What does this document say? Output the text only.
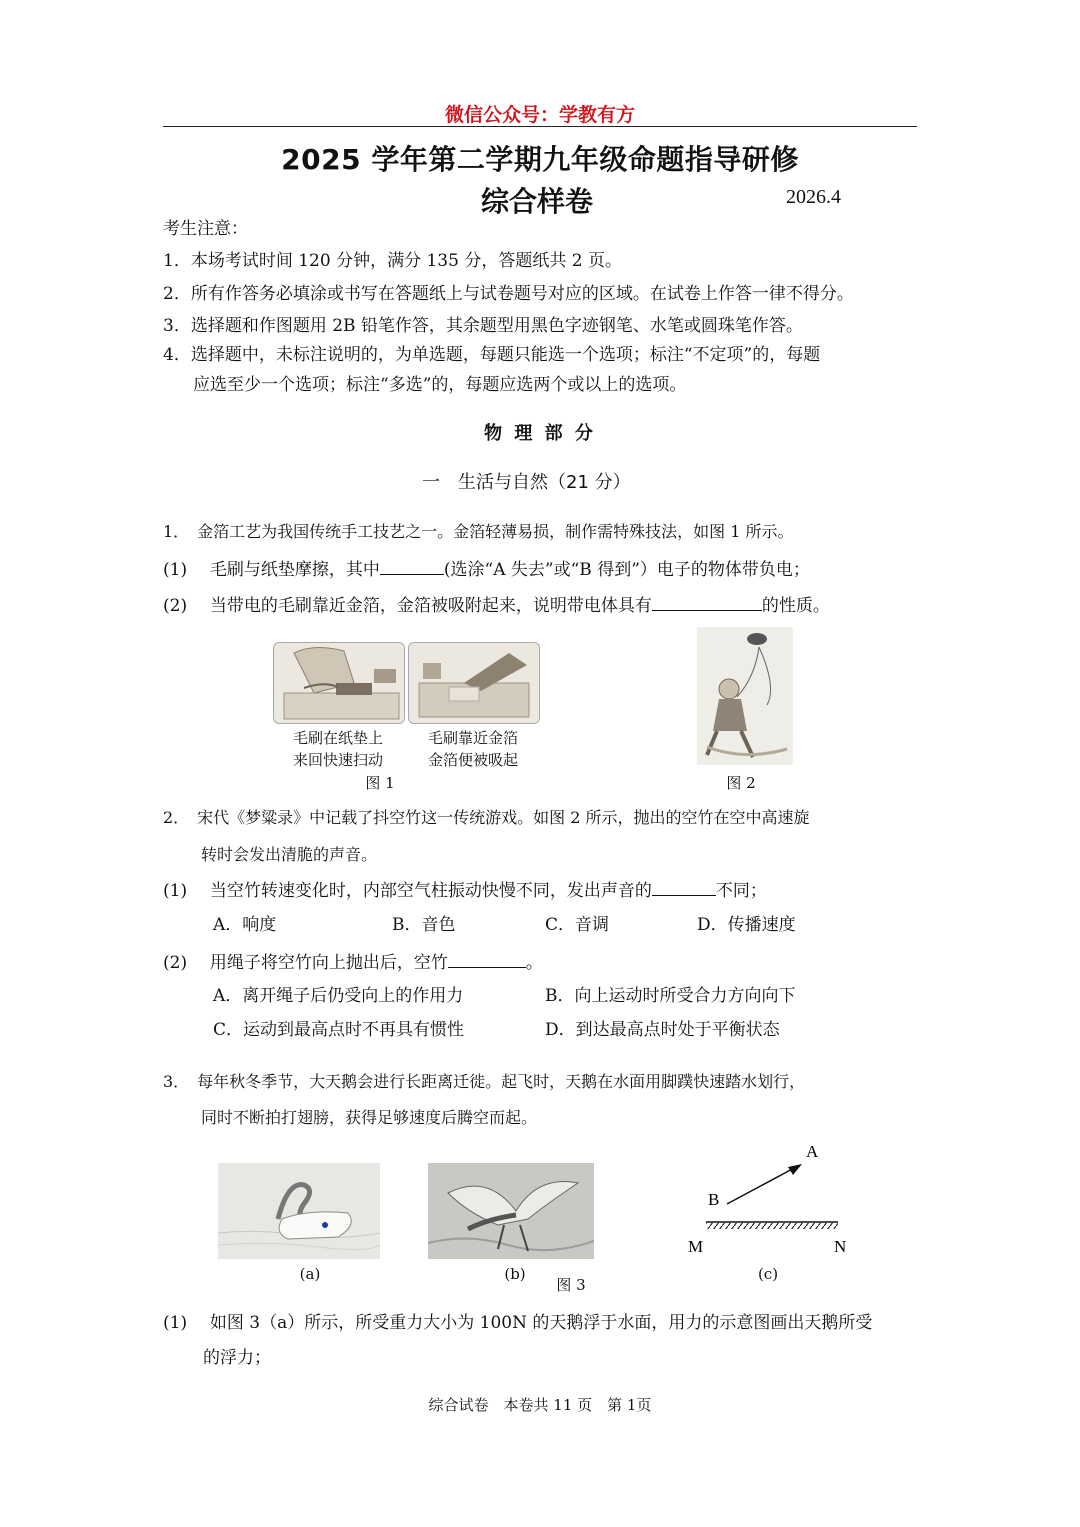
微信公众号：学教有方
2025 学年第二学期九年级命题指导研修
综合样卷	2026.4
考生注意：
1．本场考试时间 120 分钟，满分 135 分，答题纸共 2 页。
2．所有作答务必填涂或书写在答题纸上与试卷题号对应的区域。在试卷上作答一律不得分。
3．选择题和作图题用 2B 铅笔作答，其余题型用黑色字迹钢笔、水笔或圆珠笔作答。
4．选择题中，未标注说明的，为单选题，每题只能选一个选项；标注“不定项”的，每题
应选至少一个选项；标注“多选”的，每题应选两个或以上的选项。
物 理 部 分
一　生活与自然（21 分）
1．　金箔工艺为我国传统手工技艺之一。金箔轻薄易损，制作需特殊技法，如图 1 所示。
(1) 毛刷与纸垫摩擦，其中	(选涂“A 失去”或“B 得到”）电子的物体带负电；
(2) 当带电的毛刷靠近金箔，金箔被吸附起来，说明带电体具有	的性质。
毛刷在纸垫上
来回快速扫动
毛刷靠近金箔
金箔便被吸起
图 1	图 2
2．　宋代《梦粱录》中记载了抖空竹这一传统游戏。如图 2 所示，抛出的空竹在空中高速旋
转时会发出清脆的声音。
(1) 当空竹转速变化时，内部空气柱振动快慢不同，发出声音的	不同；
A．响度	B．音色	C．音调	D．传播速度
(2) 用绳子将空竹向上抛出后，空竹	。
A．离开绳子后仍受向上的作用力	B．向上运动时所受合力方向向下
C．运动到最高点时不再具有惯性	D．到达最高点时处于平衡状态
3．　每年秋冬季节，大天鹅会进行长距离迁徙。起飞时，天鹅在水面用脚蹼快速踏水划行，
同时不断拍打翅膀，获得足够速度后腾空而起。
A
B
M	N
(a)	(b)
图 3
(c)
(1) 如图 3（a）所示，所受重力大小为 100N 的天鹅浮于水面，用力的示意图画出天鹅所受
的浮力；
综合试卷　本卷共 11 页　第 1页
